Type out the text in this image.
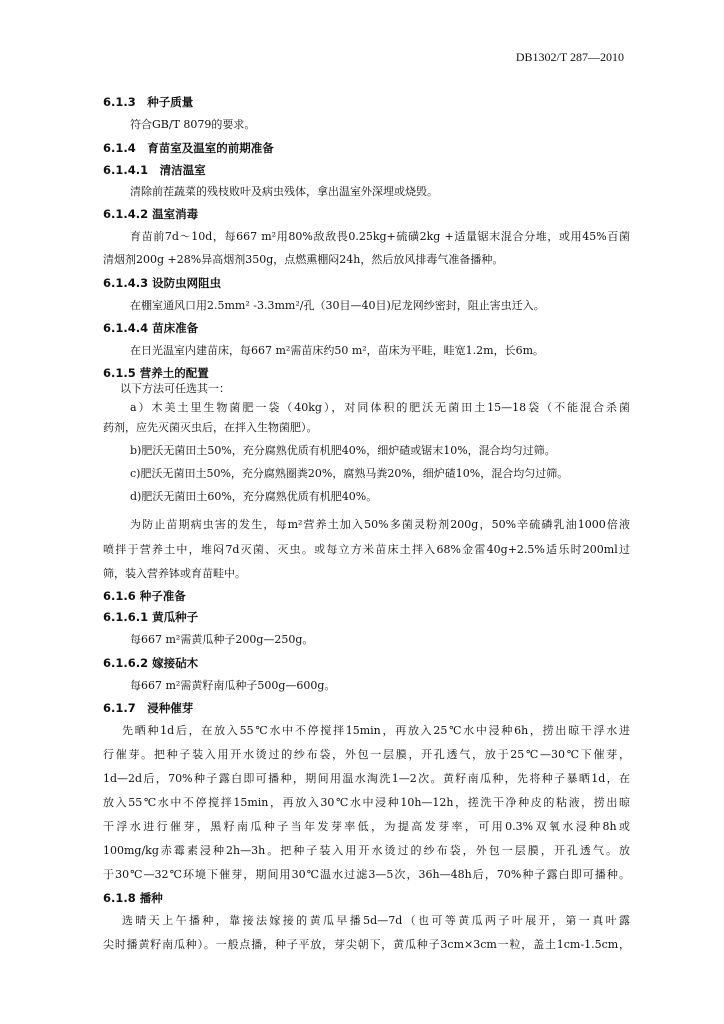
DB1302/T 287—2010
6.1.3　种子质量
符合GB/T 8079的要求。
6.1.4　育苗室及温室的前期准备
6.1.4.1　清洁温室
清除前茬蔬菜的残枝败叶及病虫残体，拿出温室外深埋或烧毁。
6.1.4.2 温室消毒
育苗前7d～10d，每667 m²用80%敌敌畏0.25kg+硫磺2kg +适量锯末混合分堆，或用45%百菌
清烟剂200g +28%异高烟剂350g，点燃熏棚闷24h，然后放风排毒气准备播种。
6.1.4.3 设防虫网阻虫
在棚室通风口用2.5mm² -3.3mm²/孔（30目—40目)尼龙网纱密封，阻止害虫迁入。
6.1.4.4 苗床准备
在日光温室内建苗床，每667 m²需苗床约50 m²，苗床为平畦，畦宽1.2m，长6m。
6.1.5 营养土的配置
以下方法可任选其一：
a）木美土里生物菌肥一袋（40kg），对同体积的肥沃无菌田土15—18袋（不能混合杀菌
药剂，应先灭菌灭虫后，在拌入生物菌肥）。
b)肥沃无菌田土50%，充分腐熟优质有机肥40%，细炉碴或锯末10%，混合均匀过筛。
c)肥沃无菌田土50%，充分腐熟圈粪20%，腐熟马粪20%，细炉碴10%，混合均匀过筛。
d)肥沃无菌田土60%，充分腐熟优质有机肥40%。
为防止苗期病虫害的发生，每m²营养土加入50%多菌灵粉剂200g，50%辛硫磷乳油1000倍液
喷拌于营养土中，堆闷7d灭菌、灭虫。或每立方米苗床土拌入68%金雷40g+2.5%适乐时200ml过
筛，装入营养钵或育苗畦中。
6.1.6 种子准备
6.1.6.1 黄瓜种子
每667 m²需黄瓜种子200g—250g。
6.1.6.2 嫁接砧木
每667 m²需黄籽南瓜种子500g—600g。
6.1.7　浸种催芽
先晒种1d后，在放入55℃水中不停搅拌15min，再放入25℃水中浸种6h，捞出晾干浮水进
行催芽。把种子装入用开水烫过的纱布袋，外包一层膜，开孔透气，放于25℃—30℃下催芽，
1d—2d后，70%种子露白即可播种，期间用温水淘洗1—2次。黄籽南瓜种，先将种子暴晒1d，在
放入55℃水中不停搅拌15min，再放入30℃水中浸种10h—12h，搓洗干净种皮的粘液，捞出晾
干浮水进行催芽，黑籽南瓜种子当年发芽率低，为提高发芽率，可用0.3%双氧水浸种8h或
100mg/kg赤霉素浸种2h—3h。把种子装入用开水烫过的纱布袋，外包一层膜，开孔透气。放
于30℃—32℃环境下催芽，期间用30℃温水过滤3—5次，36h—48h后，70%种子露白即可播种。
6.1.8 播种
选晴天上午播种，靠接法嫁接的黄瓜早播5d—7d（也可等黄瓜两子叶展开，第一真叶露
尖时播黄籽南瓜种）。一般点播，种子平放，芽尖朝下，黄瓜种子3cm×3cm一粒，盖土1cm-1.5cm，
